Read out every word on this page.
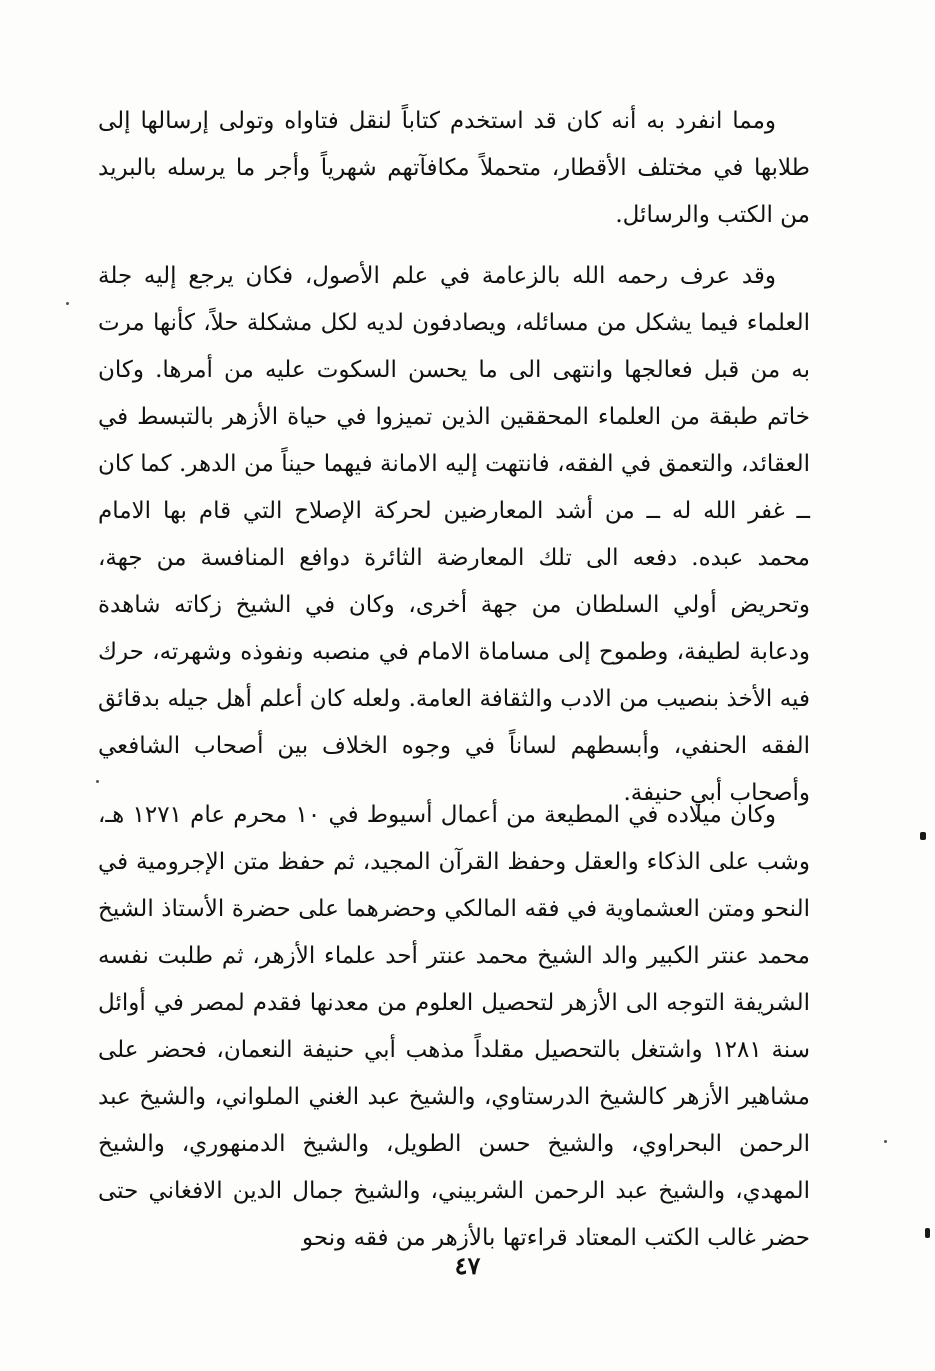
ومما انفرد به أنه كان قد استخدم كتاباً لنقل فتاواه وتولى إرسالها إلى طلابها في مختلف الأقطار، متحملاً مكافآتهم شهرياً وأجر ما يرسله بالبريد من الكتب والرسائل.

وقد عرف رحمه الله بالزعامة في علم الأصول، فكان يرجع إليه جلة العلماء فيما يشكل من مسائله، ويصادفون لديه لكل مشكلة حلاً، كأنها مرت به من قبل فعالجها وانتهى الى ما يحسن السكوت عليه من أمرها. وكان خاتم طبقة من العلماء المحققين الذين تميزوا في حياة الأزهر بالتبسط في العقائد، والتعمق في الفقه، فانتهت إليه الامانة فيهما حيناً من الدهر. كما كان ــ غفر الله له ــ من أشد المعارضين لحركة الإصلاح التي قام بها الامام محمد عبده. دفعه الى تلك المعارضة الثائرة دوافع المنافسة من جهة، وتحريض أولي السلطان من جهة أخرى، وكان في الشيخ زكاته شاهدة ودعابة لطيفة، وطموح إلى مساماة الامام في منصبه ونفوذه وشهرته، حرك فيه الأخذ بنصيب من الادب والثقافة العامة. ولعله كان أعلم أهل جيله بدقائق الفقه الحنفي، وأبسطهم لساناً في وجوه الخلاف بين أصحاب الشافعي وأصحاب أبي حنيفة.

وكان ميلاده في المطيعة من أعمال أسيوط في ١٠ محرم عام ١٢٧١ هـ، وشب على الذكاء والعقل وحفظ القرآن المجيد، ثم حفظ متن الإجرومية في النحو ومتن العشماوية في فقه المالكي وحضرهما على حضرة الأستاذ الشيخ محمد عنتر الكبير والد الشيخ محمد عنتر أحد علماء الأزهر، ثم طلبت نفسه الشريفة التوجه الى الأزهر لتحصيل العلوم من معدنها فقدم لمصر في أوائل سنة ١٢٨١ واشتغل بالتحصيل مقلداً مذهب أبي حنيفة النعمان، فحضر على مشاهير الأزهر كالشيخ الدرستاوي، والشيخ عبد الغني الملواني، والشيخ عبد الرحمن البحراوي، والشيخ حسن الطويل، والشيخ الدمنهوري، والشيخ المهدي، والشيخ عبد الرحمن الشربيني، والشيخ جمال الدين الافغاني حتى حضر غالب الكتب المعتاد قراءتها بالأزهر من فقه ونحو

٤٧
